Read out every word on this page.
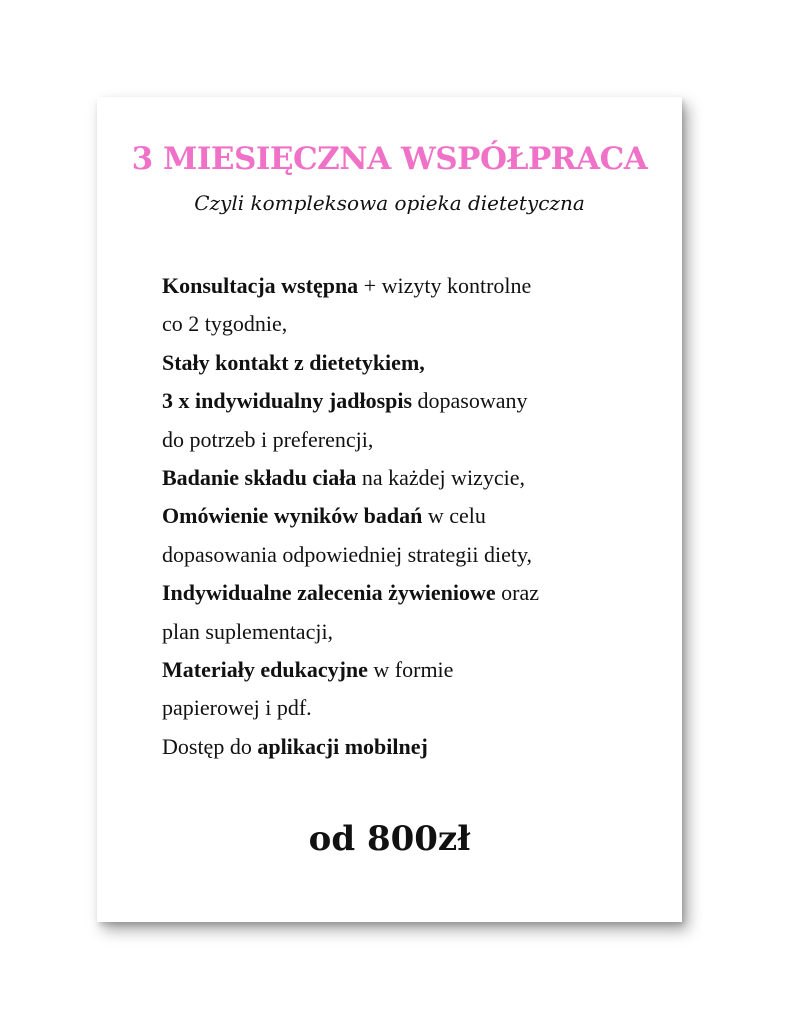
3 MIESIĘCZNA WSPÓŁPRACA

Czyli kompleksowa opieka dietetyczna

Konsultacja wstępna + wizyty kontrolne
co 2 tygodnie,
Stały kontakt z dietetykiem,
3 x indywidualny jadłospis dopasowany
do potrzeb i preferencji,
Badanie składu ciała na każdej wizycie,
Omówienie wyników badań w celu
dopasowania odpowiedniej strategii diety,
Indywidualne zalecenia żywieniowe oraz
plan suplementacji,
Materiały edukacyjne w formie
papierowej i pdf.
Dostęp do aplikacji mobilnej

od 800zł
